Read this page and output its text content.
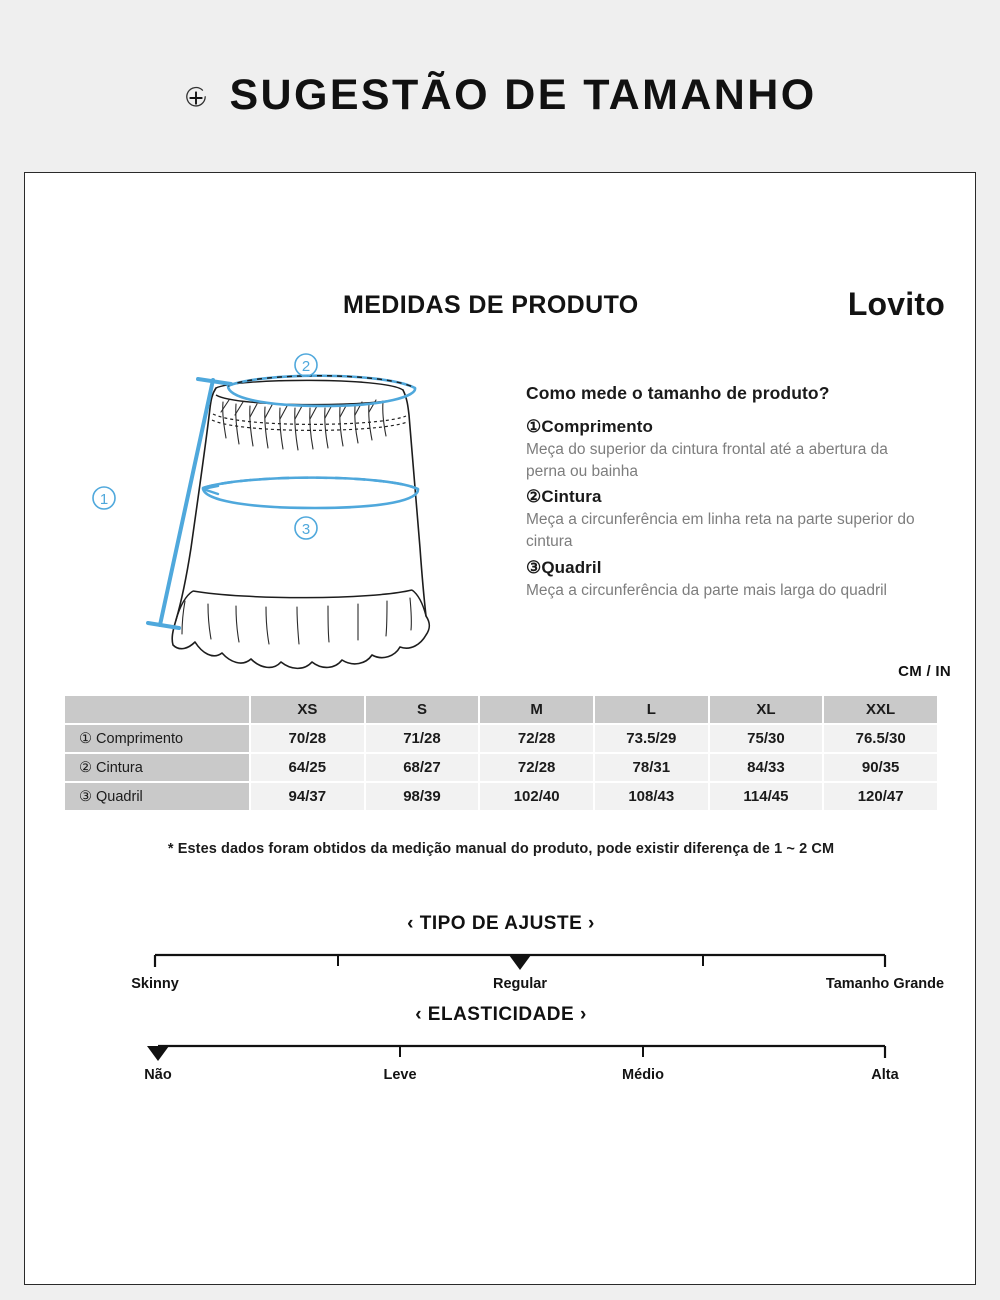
SUGESTÃO DE TAMANHO
MEDIDAS DE PRODUTO	Lovito
1
2
3
Como mede o tamanho de produto?
①Comprimento
Meça do superior da cintura frontal até a abertura da perna ou bainha
②Cintura
Meça a circunferência em linha reta na parte superior do cintura
③Quadril
Meça a circunferência da parte mais larga do quadril
CM / IN
	XS	S	M	L	XL	XXL
① Comprimento	70/28	71/28	72/28	73.5/29	75/30	76.5/30
② Cintura	64/25	68/27	72/28	78/31	84/33	90/35
③ Quadril	94/37	98/39	102/40	108/43	114/45	120/47
* Estes dados foram obtidos da medição manual do produto, pode existir diferença de 1 ~ 2 CM
‹ TIPO DE AJUSTE ›
Skinny	Regular	Tamanho Grande
‹ ELASTICIDADE ›
Não	Leve	Médio	Alta
